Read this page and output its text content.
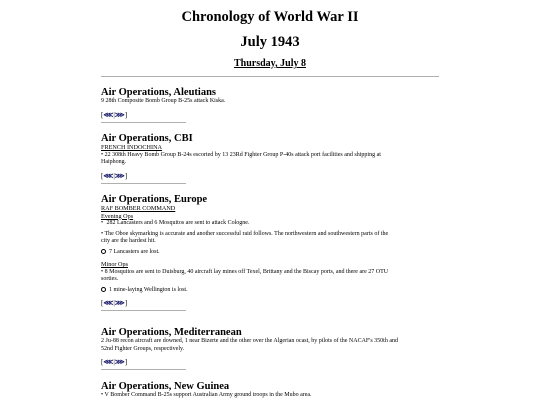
Chronology of World War II
July 1943
Thursday, July 8

Air Operations, Aleutians

9 28th Composite Bomb Group B-25s attack Kiska.

[⋘|⋙]

Air Operations, CBI

FRENCH INDOCHINA

• 22 308th Heavy Bomb Group B-24s escorted by 13 23Rd Fighter Group P-40s attack port facilities and shipping at

Haiphong.

[⋘|⋙]

Air Operations, Europe

RAF BOMBER COMMAND

Evening Ops

• 282 Lancasters and 6 Mosquitos are sent to attack Cologne.

• The Oboe skymarking is accurate and another successful raid follows. The northwestern and southwestern parts of the

city are the hardest hit.

7 Lancasters are lost.

Minor Ops

• 8 Mosquitos are sent to Duisburg, 40 aircraft lay mines off Texel, Brittany and the Biscay ports, and there are 27 OTU

sorties.

1 mine-laying Wellington is lost.

[⋘|⋙]

Air Operations, Mediterranean

2 Ju-88 recon aircraft are downed, 1 near Bizerte and the other over the Algerian ocast, by pilots of the NACAF's 350th and

52nd Fighter Groups, respectively.

[⋘|⋙]

Air Operations, New Guinea

• V Bomber Command B-25s support Australian Army ground troops in the Mubo area.
